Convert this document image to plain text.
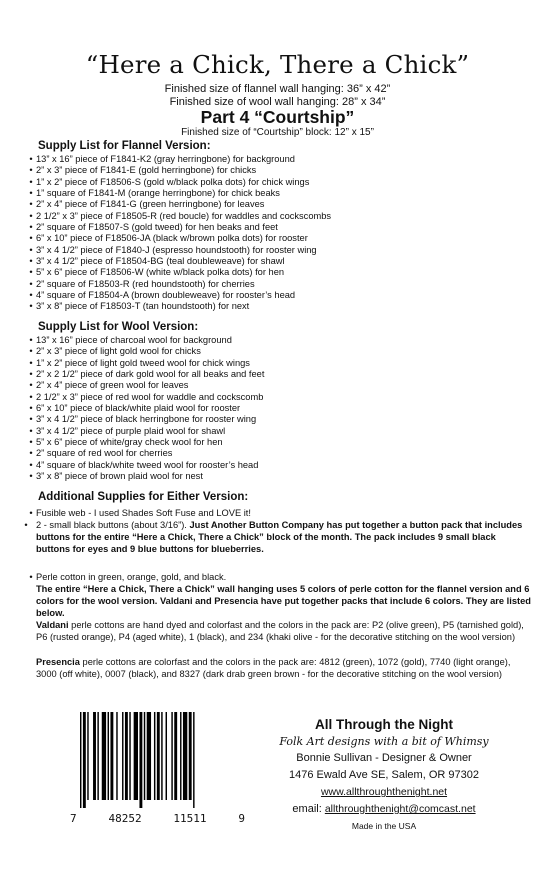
“Here a Chick, There a Chick”
Finished size of flannel wall hanging: 36” x 42”
Finished size of wool wall hanging: 28” x 34”
Part 4 “Courtship”
Finished size of “Courtship” block: 12” x 15”
Supply List for Flannel Version:
• 13” x 16” piece of F1841-K2 (gray herringbone) for background
• 2” x 3” piece of F1841-E (gold herringbone) for chicks
• 1” x 2” piece of F18506-S (gold w/black polka dots) for chick wings
• 1” square of F1841-M (orange herringbone) for chick beaks
• 2” x 4” piece of F1841-G (green herringbone) for leaves
• 2 1/2” x 3” piece of F18505-R (red boucle) for waddles and cockscombs
• 2” square of F18507-S (gold tweed) for hen beaks and feet
• 6” x 10” piece of F18506-JA (black w/brown polka dots) for rooster
• 3” x 4 1/2” piece of F1840-J (espresso houndstooth) for rooster wing
• 3” x 4 1/2” piece of F18504-BG (teal doubleweave) for shawl
• 5” x 6” piece of F18506-W (white w/black polka dots) for hen
• 2” square of F18503-R (red houndstooth) for cherries
• 4” square of F18504-A (brown doubleweave) for rooster’s head
• 3” x 8” piece of F18503-T (tan houndstooth) for next
Supply List for Wool Version:
• 13” x 16” piece of charcoal wool for background
• 2” x 3” piece of light gold wool for chicks
• 1” x 2” piece of light gold tweed wool for chick wings
• 2” x 2 1/2” piece of dark gold wool for all beaks and feet
• 2” x 4” piece of green wool for leaves
• 2 1/2” x 3” piece of red wool for waddle and cockscomb
• 6” x 10” piece of black/white plaid wool for rooster
• 3” x 4 1/2” piece of black herringbone for rooster wing
• 3” x 4 1/2” piece of purple plaid wool for shawl
• 5” x 6” piece of white/gray check wool for hen
• 2” square of red wool for cherries
• 4” square of black/white tweed wool for rooster’s head
• 3” x 8” piece of brown plaid wool for nest
Additional Supplies for Either Version:
• Fusible web - I used Shades Soft Fuse and LOVE it!
• 2 - small black buttons (about 3/16”). Just Another Button Company has put together a button pack that includes buttons for the entire “Here a Chick, There a Chick” block of the month. The pack includes 9 small black buttons for eyes and 9 blue buttons for blueberries.
• Perle cotton in green, orange, gold, and black.
The entire “Here a Chick, There a Chick” wall hanging uses 5 colors of perle cotton for the flannel version and 6 colors for the wool version. Valdani and Presencia have put together packs that include 6 colors. They are listed below.
Valdani perle cottons are hand dyed and colorfast and the colors in the pack are: P2 (olive green), P5 (tarnished gold), P6 (rusted orange), P4 (aged white), 1 (black), and 234 (khaki olive - for the decorative stitching on the wool version)
Presencia perle cottons are colorfast and the colors in the pack are: 4812 (green), 1072 (gold), 7740 (light orange), 3000 (off white), 0007 (black), and 8327 (dark drab green brown - for the decorative stitching on the wool version)
7	48252	11511	9
All Through the Night
Folk Art designs with a bit of Whimsy
Bonnie Sullivan - Designer & Owner
1476 Ewald Ave SE, Salem, OR 97302
www.allthroughthenight.net
email: allthroughthenight@comcast.net
Made in the USA
